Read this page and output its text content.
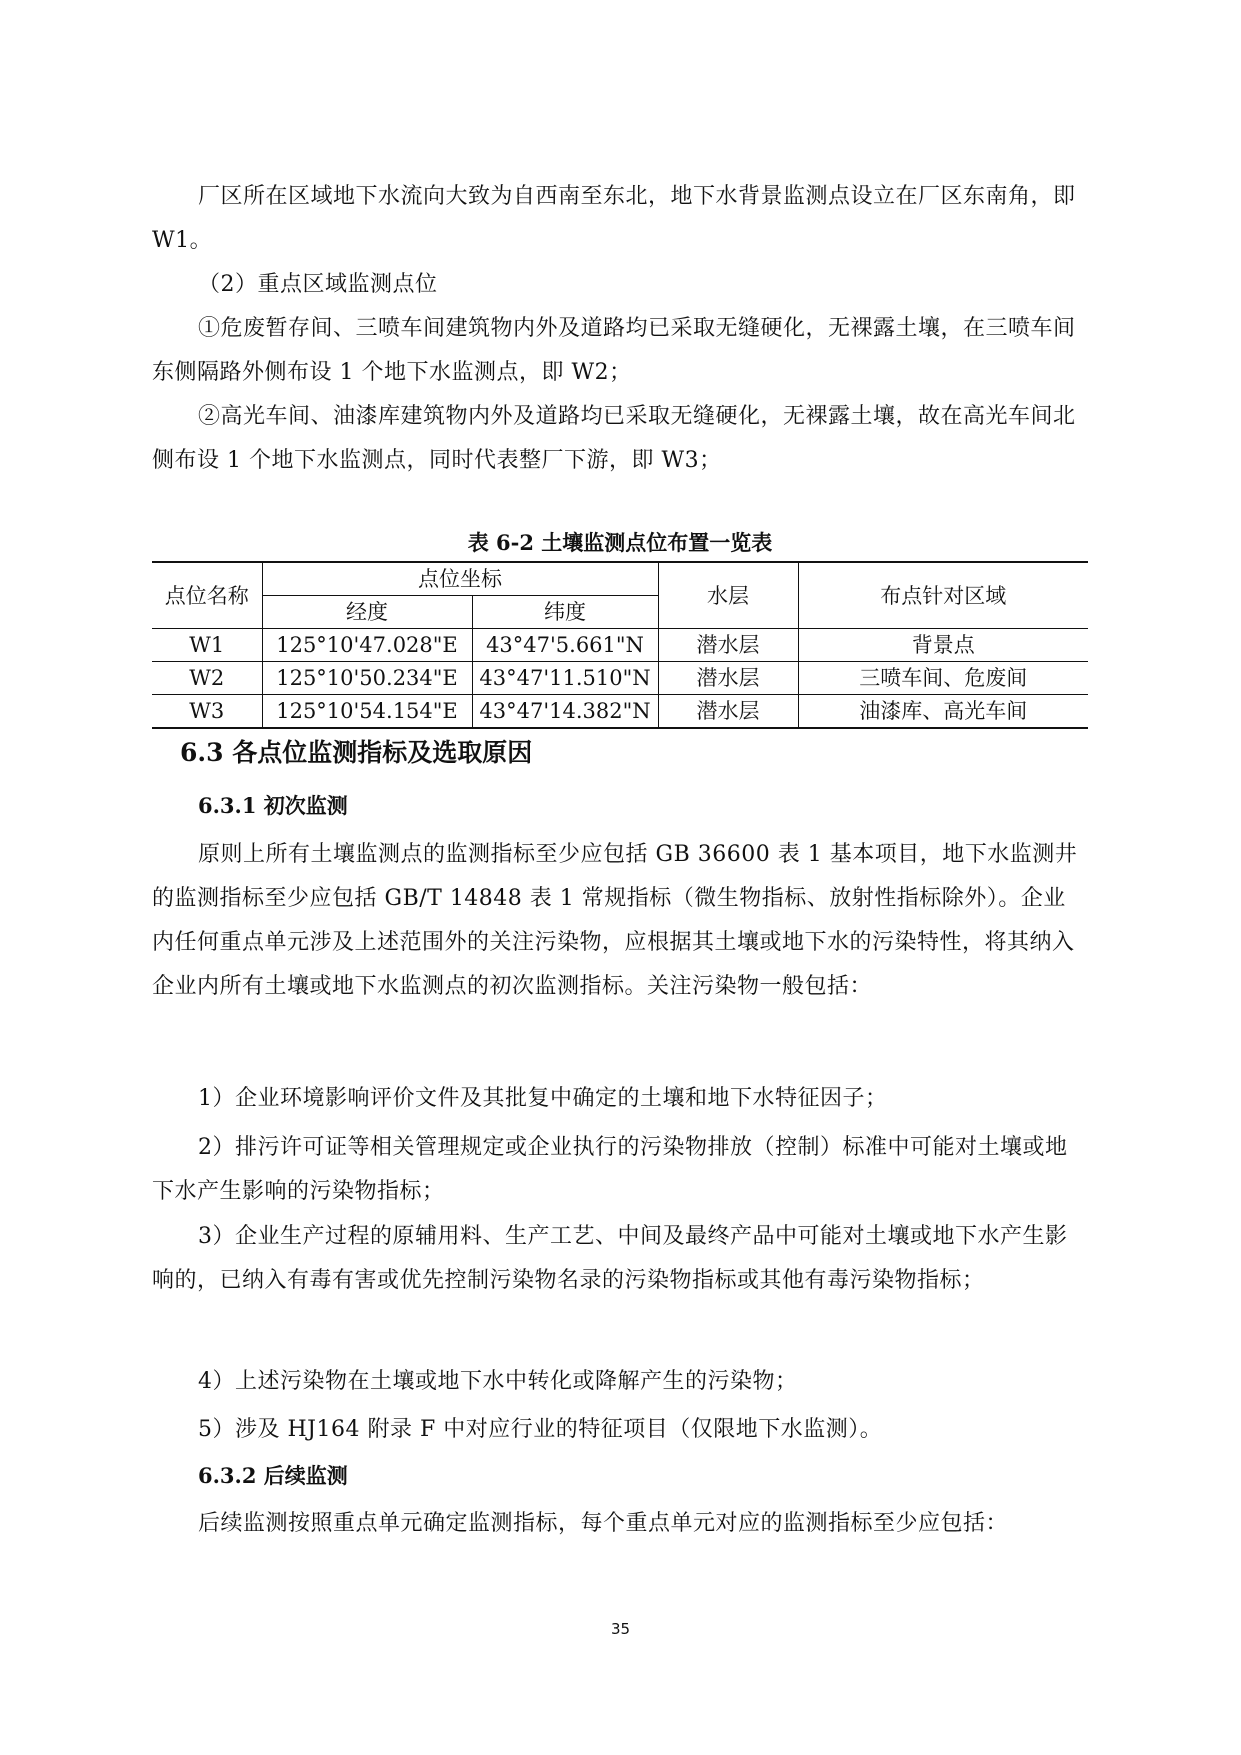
厂区所在区域地下水流向大致为自西南至东北，地下水背景监测点设立在厂区东南角，即 W1。

（2）重点区域监测点位

①危废暂存间、三喷车间建筑物内外及道路均已采取无缝硬化，无裸露土壤，在三喷车间东侧隔路外侧布设 1 个地下水监测点，即 W2；

②高光车间、油漆库建筑物内外及道路均已采取无缝硬化，无裸露土壤，故在高光车间北侧布设 1 个地下水监测点，同时代表整厂下游，即 W3；

表 6-2 土壤监测点位布置一览表
点位名称	点位坐标		水层	布点针对区域
	经度	纬度		
W1	125°10'47.028"E	43°47'5.661"N	潜水层	背景点
W2	125°10'50.234"E	43°47'11.510"N	潜水层	三喷车间、危废间
W3	125°10'54.154"E	43°47'14.382"N	潜水层	油漆库、高光车间
6.3 各点位监测指标及选取原因
6.3.1 初次监测

原则上所有土壤监测点的监测指标至少应包括 GB 36600 表 1 基本项目，地下水监测井的监测指标至少应包括 GB/T 14848 表 1 常规指标（微生物指标、放射性指标除外）。企业内任何重点单元涉及上述范围外的关注污染物，应根据其土壤或地下水的污染特性，将其纳入企业内所有土壤或地下水监测点的初次监测指标。关注污染物一般包括：

1）企业环境影响评价文件及其批复中确定的土壤和地下水特征因子；

2）排污许可证等相关管理规定或企业执行的污染物排放（控制）标准中可能对土壤或地下水产生影响的污染物指标；

3）企业生产过程的原辅用料、生产工艺、中间及最终产品中可能对土壤或地下水产生影响的，已纳入有毒有害或优先控制污染物名录的污染物指标或其他有毒污染物指标；

4）上述污染物在土壤或地下水中转化或降解产生的污染物；

5）涉及 HJ164 附录 F 中对应行业的特征项目（仅限地下水监测）。

6.3.2 后续监测

后续监测按照重点单元确定监测指标，每个重点单元对应的监测指标至少应包括：

35
